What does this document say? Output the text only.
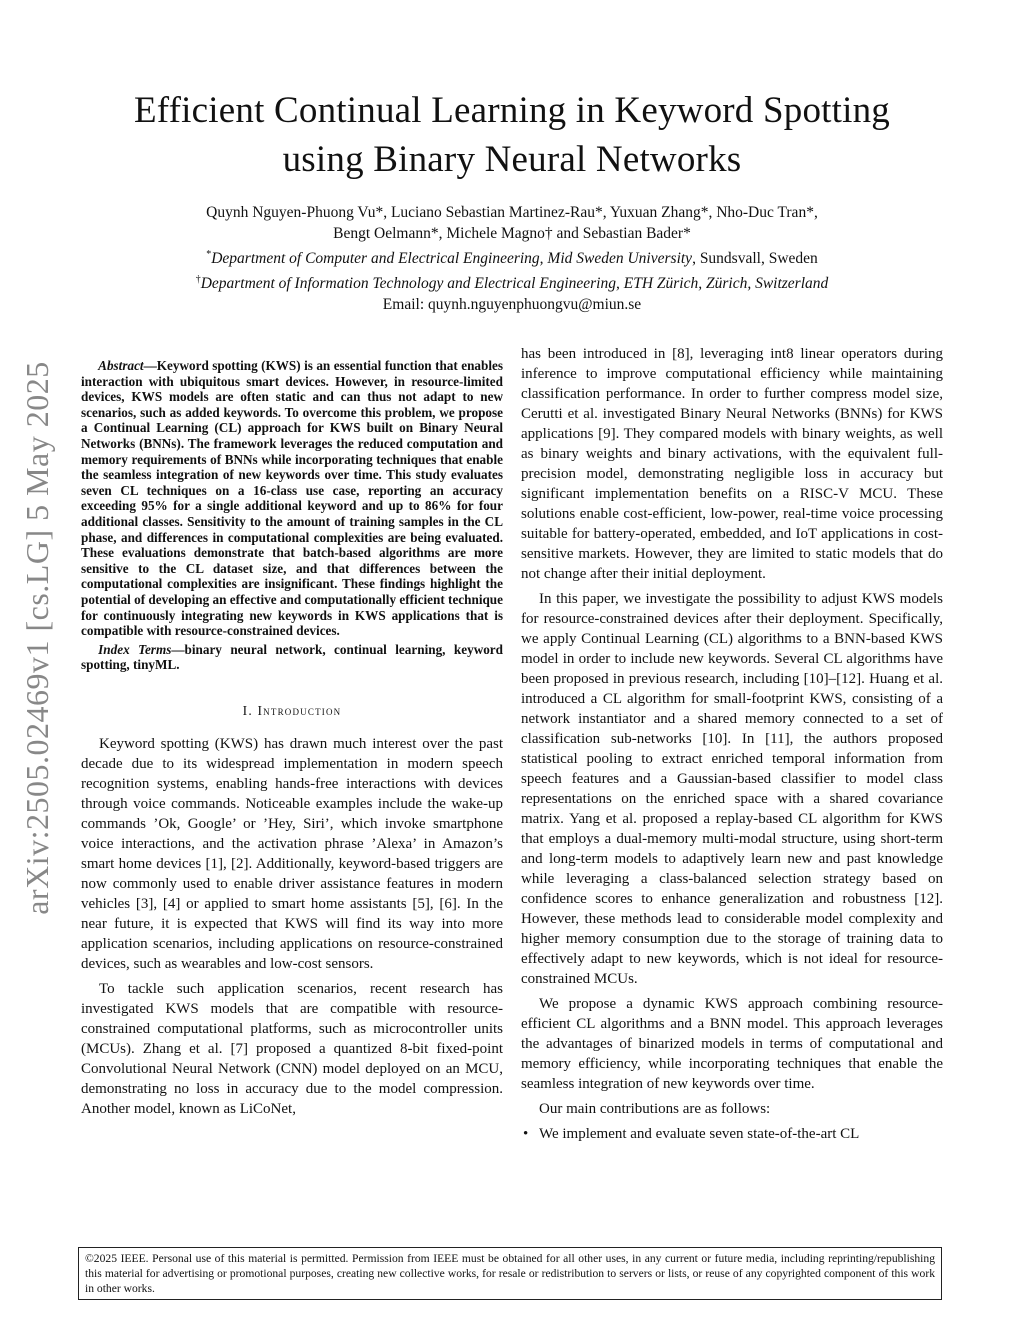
Efficient Continual Learning in Keyword Spotting
using Binary Neural Networks
Quynh Nguyen-Phuong Vu*, Luciano Sebastian Martinez-Rau*, Yuxuan Zhang*, Nho-Duc Tran*,
Bengt Oelmann*, Michele Magno† and Sebastian Bader*
*Department of Computer and Electrical Engineering, Mid Sweden University, Sundsvall, Sweden
†Department of Information Technology and Electrical Engineering, ETH Zürich, Zürich, Switzerland
Email: quynh.nguyenphuongvu@miun.se
arXiv:2505.02469v1 [cs.LG] 5 May 2025	Abstract—Keyword spotting (KWS) is an essential function that enables interaction with ubiquitous smart devices. However, in resource-limited devices, KWS models are often static and can thus not adapt to new scenarios, such as added keywords. To overcome this problem, we propose a Continual Learning (CL) approach for KWS built on Binary Neural Networks (BNNs). The framework leverages the reduced computation and memory requirements of BNNs while incorporating techniques that enable the seamless integration of new keywords over time. This study evaluates seven CL techniques on a 16-class use case, reporting an accuracy exceeding 95% for a single additional keyword and up to 86% for four additional classes. Sensitivity to the amount of training samples in the CL phase, and differences in computational complexities are being evaluated. These evaluations demonstrate that batch-based algorithms are more sensitive to the CL dataset size, and that differences between the computational complexities are insignificant. These findings highlight the potential of developing an effective and computationally efficient technique for continuously integrating new keywords in KWS applications that is compatible with resource-constrained devices.

Index Terms—binary neural network, continual learning, keyword spotting, tinyML.

I. Introduction

Keyword spotting (KWS) has drawn much interest over the past decade due to its widespread implementation in modern speech recognition systems, enabling hands-free interactions with devices through voice commands. Noticeable examples include the wake-up commands ’Ok, Google’ or ’Hey, Siri’, which invoke smartphone voice interactions, and the activation phrase ’Alexa’ in Amazon’s smart home devices [1], [2]. Additionally, keyword-based triggers are now commonly used to enable driver assistance features in modern vehicles [3], [4] or applied to smart home assistants [5], [6]. In the near future, it is expected that KWS will find its way into more application scenarios, including applications on resource-constrained devices, such as wearables and low-cost sensors.

To tackle such application scenarios, recent research has investigated KWS models that are compatible with resource-constrained computational platforms, such as microcontroller units (MCUs). Zhang et al. [7] proposed a quantized 8-bit fixed-point Convolutional Neural Network (CNN) model deployed on an MCU, demonstrating no loss in accuracy due to the model compression. Another model, known as LiCoNet,

has been introduced in [8], leveraging int8 linear operators during inference to improve computational efficiency while maintaining classification performance. In order to further compress model size, Cerutti et al. investigated Binary Neural Networks (BNNs) for KWS applications [9]. They compared models with binary weights, as well as binary weights and binary activations, with the equivalent full-precision model, demonstrating negligible loss in accuracy but significant implementation benefits on a RISC-V MCU. These solutions enable cost-efficient, low-power, real-time voice processing suitable for battery-operated, embedded, and IoT applications in cost-sensitive markets. However, they are limited to static models that do not change after their initial deployment.

In this paper, we investigate the possibility to adjust KWS models for resource-constrained devices after their deployment. Specifically, we apply Continual Learning (CL) algorithms to a BNN-based KWS model in order to include new keywords. Several CL algorithms have been proposed in previous research, including [10]–[12]. Huang et al. introduced a CL algorithm for small-footprint KWS, consisting of a network instantiator and a shared memory connected to a set of classification sub-networks [10]. In [11], the authors proposed statistical pooling to extract enriched temporal information from speech features and a Gaussian-based classifier to model class representations on the enriched space with a shared covariance matrix. Yang et al. proposed a replay-based CL algorithm for KWS that employs a dual-memory multi-modal structure, using short-term and long-term models to adaptively learn new and past knowledge while leveraging a class-balanced selection strategy based on confidence scores to enhance generalization and robustness [12]. However, these methods lead to considerable model complexity and higher memory consumption due to the storage of training data to effectively adapt to new keywords, which is not ideal for resource-constrained MCUs.

We propose a dynamic KWS approach combining resource-efficient CL algorithms and a BNN model. This approach leverages the advantages of binarized models in terms of computational and memory efficiency, while incorporating techniques that enable the seamless integration of new keywords over time.

Our main contributions are as follows:

• We implement and evaluate seven state-of-the-art CL
©2025 IEEE. Personal use of this material is permitted. Permission from IEEE must be obtained for all other uses, in any current or future media, including reprinting/republishing this material for advertising or promotional purposes, creating new collective works, for resale or redistribution to servers or lists, or reuse of any copyrighted component of this work in other works.
